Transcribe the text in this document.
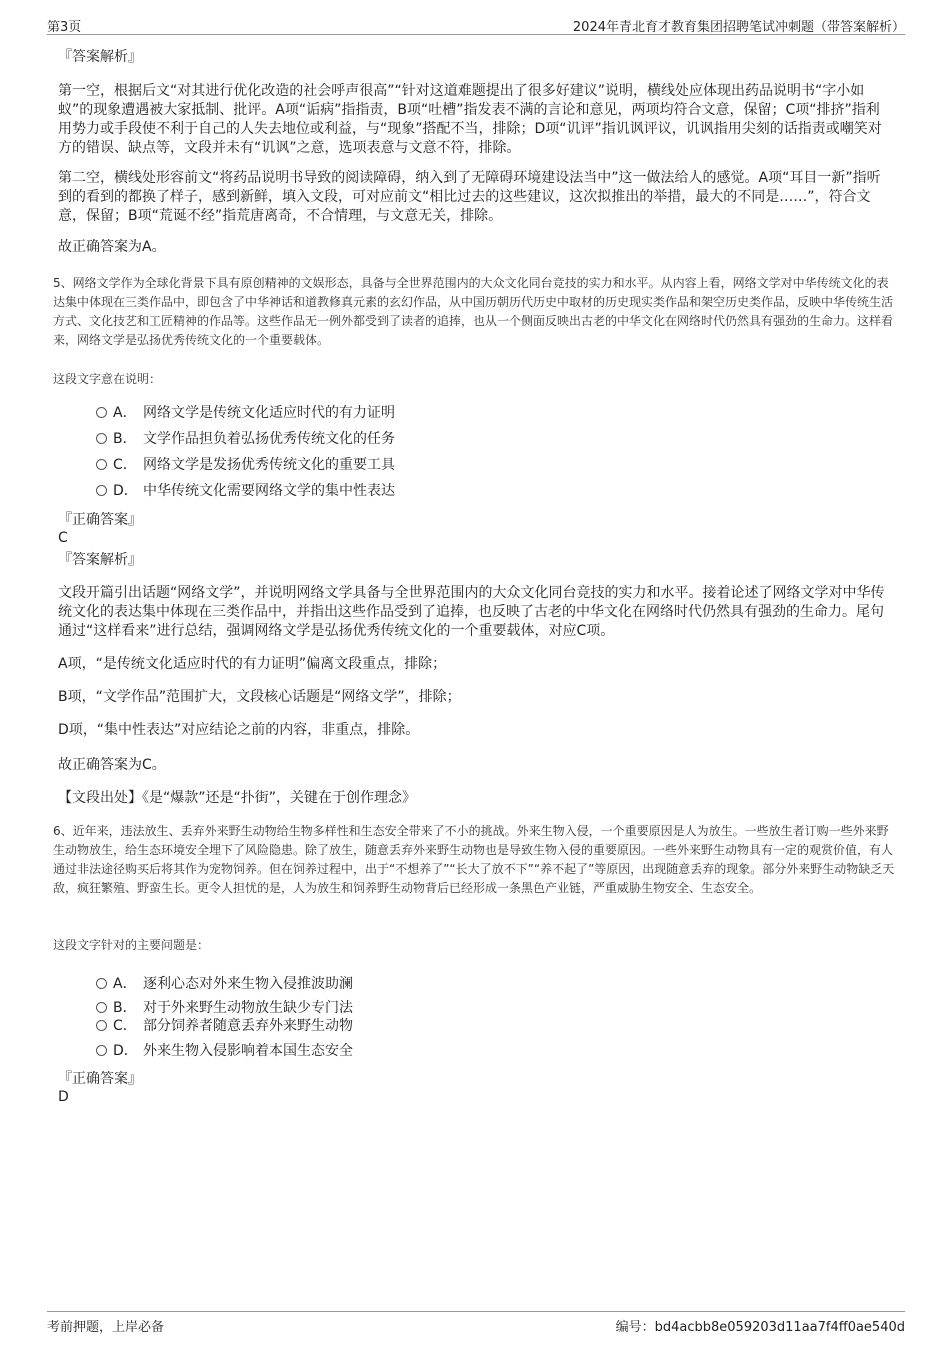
第3页	2024年青北育才教育集团招聘笔试冲刺题（带答案解析）
『答案解析』
第一空，根据后文“对其进行优化改造的社会呼声很高”“针对这道难题提出了很多好建议”说明，横线处应体现出药品说明书“字小如蚁”的现象遭遇被大家抵制、批评。A项“诟病”指指责，B项“吐槽”指发表不满的言论和意见，两项均符合文意，保留；C项“排挤”指利用势力或手段使不利于自己的人失去地位或利益，与“现象”搭配不当，排除；D项“讥评”指讥讽评议，讥讽指用尖刻的话指责或嘲笑对方的错误、缺点等，文段并未有“讥讽”之意，选项表意与文意不符，排除。
第二空，横线处形容前文“将药品说明书导致的阅读障碍，纳入到了无障碍环境建设法当中”这一做法给人的感觉。A项“耳目一新”指听到的看到的都换了样子，感到新鲜，填入文段，可对应前文“相比过去的这些建议，这次拟推出的举措，最大的不同是……”，符合文意，保留；B项“荒诞不经”指荒唐离奇，不合情理，与文意无关，排除。
故正确答案为A。
5、网络文学作为全球化背景下具有原创精神的文娱形态，具备与全世界范围内的大众文化同台竞技的实力和水平。从内容上看，网络文学对中华传统文化的表达集中体现在三类作品中，即包含了中华神话和道教修真元素的玄幻作品，从中国历朝历代历史中取材的历史现实类作品和架空历史类作品，反映中华传统生活方式、文化技艺和工匠精神的作品等。这些作品无一例外都受到了读者的追捧，也从一个侧面反映出古老的中华文化在网络时代仍然具有强劲的生命力。这样看来，网络文学是弘扬优秀传统文化的一个重要载体。
这段文字意在说明：
A． 网络文学是传统文化适应时代的有力证明
B． 文学作品担负着弘扬优秀传统文化的任务
C． 网络文学是发扬优秀传统文化的重要工具
D． 中华传统文化需要网络文学的集中性表达
『正确答案』
C
『答案解析』
文段开篇引出话题“网络文学”，并说明网络文学具备与全世界范围内的大众文化同台竞技的实力和水平。接着论述了网络文学对中华传统文化的表达集中体现在三类作品中，并指出这些作品受到了追捧，也反映了古老的中华文化在网络时代仍然具有强劲的生命力。尾句通过“这样看来”进行总结，强调网络文学是弘扬优秀传统文化的一个重要载体，对应C项。
A项，“是传统文化适应时代的有力证明”偏离文段重点，排除；
B项，“文学作品”范围扩大，文段核心话题是“网络文学”，排除；
D项，“集中性表达”对应结论之前的内容，非重点，排除。
故正确答案为C。
【文段出处】《是“爆款”还是“扑街”，关键在于创作理念》
6、近年来，违法放生、丢弃外来野生动物给生物多样性和生态安全带来了不小的挑战。外来生物入侵，一个重要原因是人为放生。一些放生者订购一些外来野生动物放生，给生态环境安全埋下了风险隐患。除了放生，随意丢弃外来野生动物也是导致生物入侵的重要原因。一些外来野生动物具有一定的观赏价值，有人通过非法途径购买后将其作为宠物饲养。但在饲养过程中，出于“不想养了”“长大了放不下”“养不起了”等原因，出现随意丢弃的现象。部分外来野生动物缺乏天敌，疯狂繁殖、野蛮生长。更令人担忧的是，人为放生和饲养野生动物背后已经形成一条黑色产业链，严重威胁生物安全、生态安全。
这段文字针对的主要问题是：
A． 逐利心态对外来生物入侵推波助澜
B． 对于外来野生动物放生缺少专门法
C． 部分饲养者随意丢弃外来野生动物
D． 外来生物入侵影响着本国生态安全
『正确答案』
D
考前押题，上岸必备	编号：bd4acbb8e059203d11aa7f4ff0ae540d
